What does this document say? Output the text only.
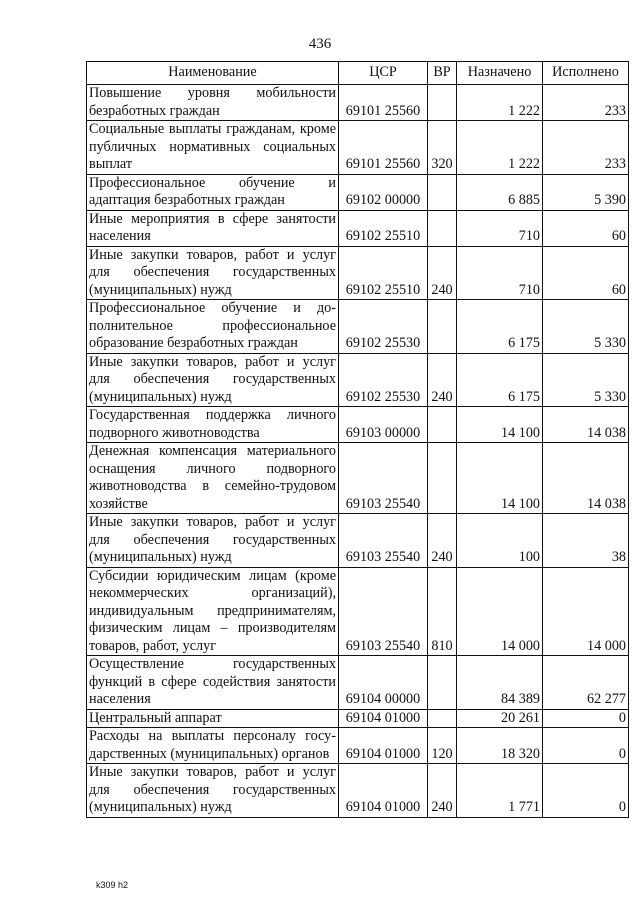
436
Наименование	ЦСР	ВР	Назначено	Исполнено
Повышение уровня мобильности безработных граждан	69101 25560		1 222	233
Социальные выплаты гражданам, кроме публичных нормативных социальных выплат	69101 25560	320	1 222	233
Профессиональное обучение и адаптация безработных граждан	69102 00000		6 885	5 390
Иные мероприятия в сфере занятости населения	69102 25510		710	60
Иные закупки товаров, работ и услуг для обеспечения государственных (муниципальных) нужд	69102 25510	240	710	60
Профессиональное обучение и дополнительное профессиональное образование безработных граждан	69102 25530		6 175	5 330
Иные закупки товаров, работ и услуг для обеспечения государственных (муниципальных) нужд	69102 25530	240	6 175	5 330
Государственная поддержка личного подворного животноводства	69103 00000		14 100	14 038
Денежная компенсация материального оснащения личного подворного животноводства в семейно-трудовом хозяйстве	69103 25540		14 100	14 038
Иные закупки товаров, работ и услуг для обеспечения государственных (муниципальных) нужд	69103 25540	240	100	38
Субсидии юридическим лицам (кроме некоммерческих организаций), индивидуальным предпринимателям, физическим лицам – производителям товаров, работ, услуг	69103 25540	810	14 000	14 000
Осуществление государственных функций в сфере содействия занятости населения	69104 00000		84 389	62 277
Центральный аппарат	69104 01000		20 261	0
Расходы на выплаты персоналу государственных (муниципальных) органов	69104 01000	120	18 320	0
Иные закупки товаров, работ и услуг для обеспечения государственных (муниципальных) нужд	69104 01000	240	1 771	0
k309 h2
